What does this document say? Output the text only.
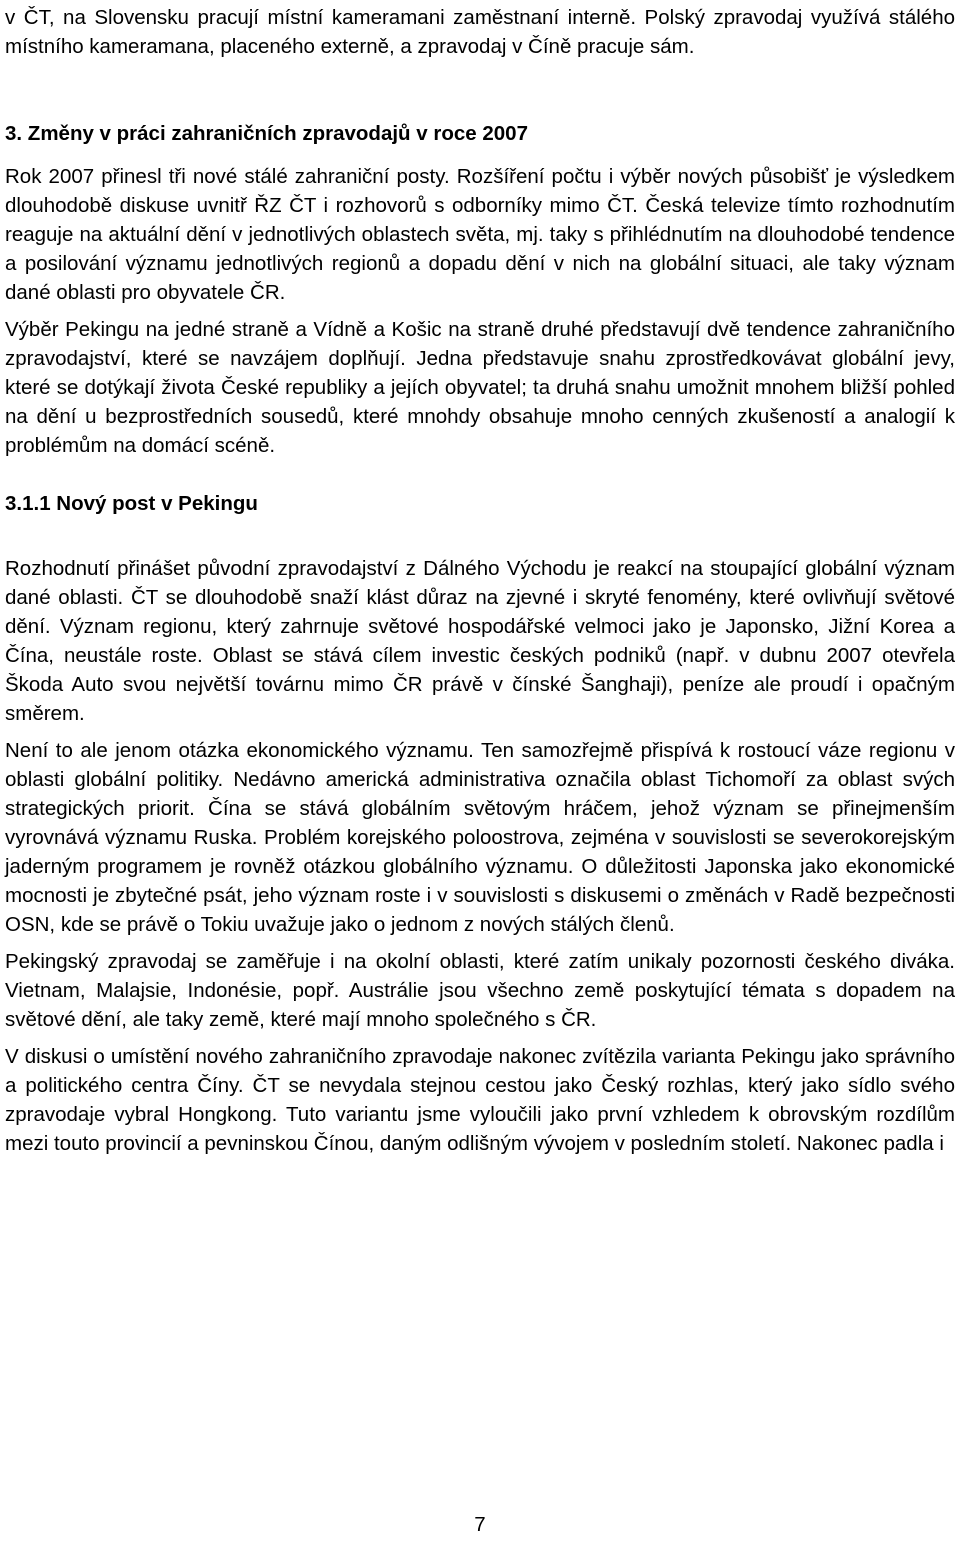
v ČT, na Slovensku pracují místní kameramani zaměstnaní interně. Polský zpravodaj využívá stálého místního kameramana, placeného externě, a zpravodaj v Číně pracuje sám.

3. Změny v práci zahraničních zpravodajů v roce 2007

Rok 2007 přinesl tři nové stálé zahraniční posty. Rozšíření počtu i výběr nových působišť je výsledkem dlouhodobě diskuse uvnitř ŘZ ČT i rozhovorů s odborníky mimo ČT. Česká televize tímto rozhodnutím reaguje na aktuální dění v jednotlivých oblastech světa, mj. taky s přihlédnutím na dlouhodobé tendence a posilování významu jednotlivých regionů a dopadu dění v nich na globální situaci, ale taky význam dané oblasti pro obyvatele ČR.

Výběr Pekingu na jedné straně a Vídně a Košic na straně druhé představují dvě tendence zahraničního zpravodajství, které se navzájem doplňují. Jedna představuje snahu zprostředkovávat globální jevy, které se dotýkají života České republiky a jejích obyvatel; ta druhá snahu umožnit mnohem bližší pohled na dění u bezprostředních sousedů, které mnohdy obsahuje mnoho cenných zkušeností a analogií k problémům na domácí scéně.

3.1.1 Nový post v Pekingu

Rozhodnutí přinášet původní zpravodajství z Dálného Východu je reakcí na stoupající globální význam dané oblasti. ČT se dlouhodobě snaží klást důraz na zjevné i skryté fenomény, které ovlivňují světové dění. Význam regionu, který zahrnuje světové hospodářské velmoci jako je Japonsko, Jižní Korea a Čína, neustále roste. Oblast se stává cílem investic českých podniků (např. v dubnu 2007 otevřela Škoda Auto svou největší továrnu mimo ČR právě v čínské Šanghaji), peníze ale proudí i opačným směrem.

Není to ale jenom otázka ekonomického významu. Ten samozřejmě přispívá k rostoucí váze regionu v oblasti globální politiky. Nedávno americká administrativa označila oblast Tichomoří za oblast svých strategických priorit. Čína se stává globálním světovým hráčem, jehož význam se přinejmenším vyrovnává významu Ruska. Problém korejského poloostrova, zejména v souvislosti se severokorejským jaderným programem je rovněž otázkou globálního významu. O důležitosti Japonska jako ekonomické mocnosti je zbytečné psát, jeho význam roste i v souvislosti s diskusemi o změnách v Radě bezpečnosti OSN, kde se právě o Tokiu uvažuje jako o jednom z nových stálých členů.

Pekingský zpravodaj se zaměřuje i na okolní oblasti, které zatím unikaly pozornosti českého diváka. Vietnam, Malajsie, Indonésie, popř. Austrálie jsou všechno země poskytující témata s dopadem na světové dění, ale taky země, které mají mnoho společného s ČR.

V diskusi o umístění nového zahraničního zpravodaje nakonec zvítězila varianta Pekingu jako správního a politického centra Číny. ČT se nevydala stejnou cestou jako Český rozhlas, který jako sídlo svého zpravodaje vybral Hongkong. Tuto variantu jsme vyloučili jako první vzhledem k obrovským rozdílům mezi touto provincií a pevninskou Čínou, daným odlišným vývojem v posledním století. Nakonec padla i

7
